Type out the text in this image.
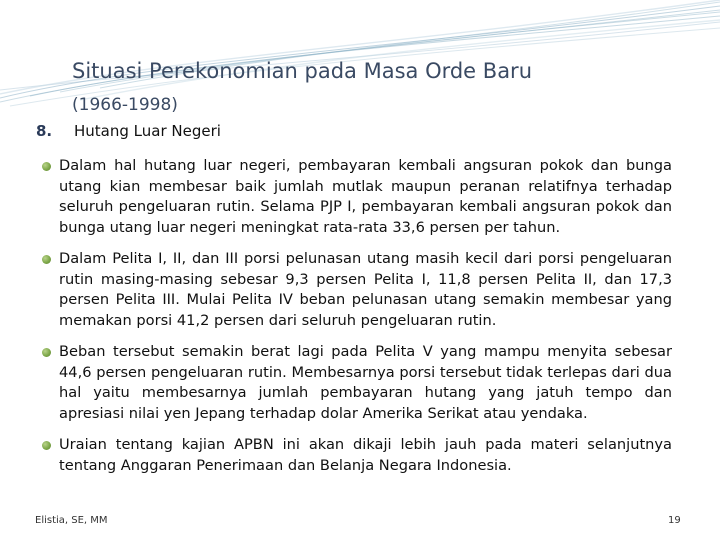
Situasi Perekonomian pada Masa Orde Baru
(1966-1998)
8. Hutang Luar Negeri
Dalam hal hutang luar negeri, pembayaran kembali angsuran pokok dan bunga utang kian membesar baik jumlah mutlak maupun peranan relatifnya terhadap seluruh pengeluaran rutin. Selama PJP I, pembayaran kembali angsuran pokok dan bunga utang luar negeri meningkat rata-rata 33,6 persen per tahun.
Dalam Pelita I, II, dan III porsi pelunasan utang masih kecil dari porsi pengeluaran rutin masing-masing sebesar 9,3 persen Pelita I, 11,8 persen Pelita II, dan 17,3 persen Pelita III. Mulai Pelita IV beban pelunasan utang semakin membesar yang memakan porsi 41,2 persen dari seluruh pengeluaran rutin.
Beban tersebut semakin berat lagi pada Pelita V yang mampu menyita sebesar 44,6 persen pengeluaran rutin. Membesarnya porsi tersebut tidak terlepas dari dua hal yaitu membesarnya jumlah pembayaran hutang yang jatuh tempo dan apresiasi nilai yen Jepang terhadap dolar Amerika Serikat atau yendaka.
Uraian tentang kajian APBN ini akan dikaji lebih jauh pada materi selanjutnya tentang Anggaran Penerimaan dan Belanja Negara Indonesia.
Elistia, SE, MM	19
